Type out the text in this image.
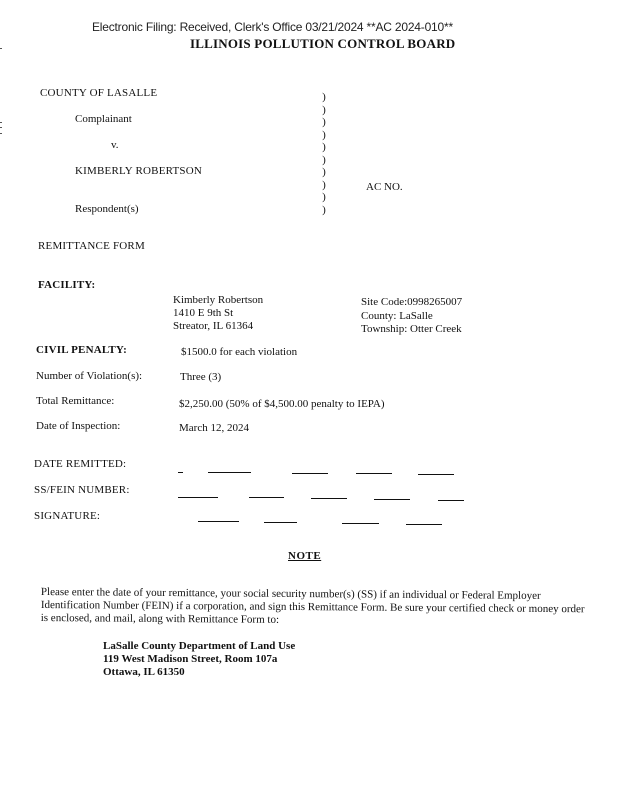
Electronic Filing: Received, Clerk's Office 03/21/2024 **AC 2024-010**
ILLINOIS POLLUTION CONTROL BOARD
COUNTY OF LASALLE
Complainant
v.
KIMBERLY ROBERTSON
Respondent(s)
AC NO.
)
)
)
)
)
)
)
)
)
)
REMITTANCE FORM
FACILITY:
Kimberly Robertson
1410 E 9th St
Streator, IL 61364
Site Code:0998265007
County: LaSalle
Township: Otter Creek
CIVIL PENALTY:	$1500.0 for each violation
Number of Violation(s):	Three (3)
Total Remittance:	$2,250.00 (50% of $4,500.00 penalty to IEPA)
Date of Inspection:	March 12, 2024
DATE REMITTED:
SS/FEIN NUMBER:
SIGNATURE:
NOTE
Please enter the date of your remittance, your social security number(s) (SS) if an individual or Federal Employer Identification Number (FEIN) if a corporation, and sign this Remittance Form. Be sure your certified check or money order is enclosed, and mail, along with Remittance Form to:
LaSalle County Department of Land Use
119 West Madison Street, Room 107a
Ottawa, IL 61350
